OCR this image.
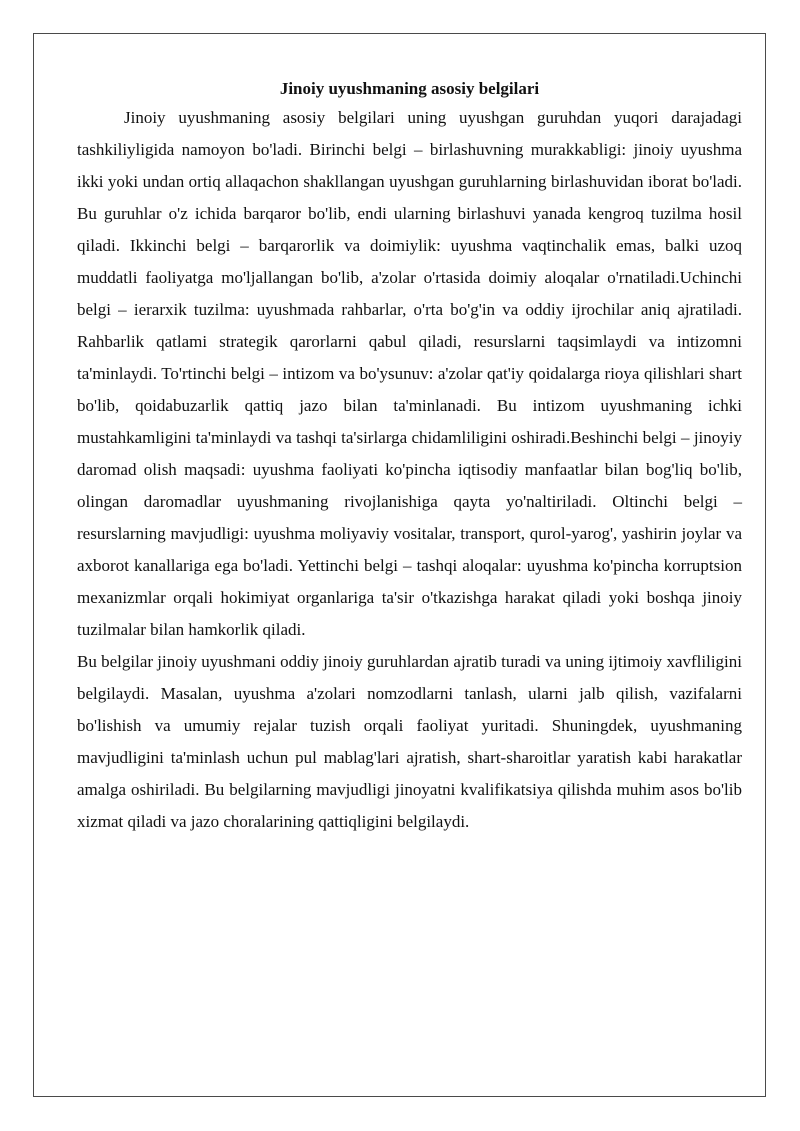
Jinoiy uyushmaning asosiy belgilari

Jinoiy uyushmaning asosiy belgilari uning uyushgan guruhdan yuqori darajadagi tashkiliyligida namoyon bo'ladi. Birinchi belgi – birlashuvning murakkabligi: jinoiy uyushma ikki yoki undan ortiq allaqachon shakllangan uyushgan guruhlarning birlashuvidan iborat bo'ladi. Bu guruhlar o'z ichida barqaror bo'lib, endi ularning birlashuvi yanada kengroq tuzilma hosil qiladi. Ikkinchi belgi – barqarorlik va doimiylik: uyushma vaqtinchalik emas, balki uzoq muddatli faoliyatga mo'ljallangan bo'lib, a'zolar o'rtasida doimiy aloqalar o'rnatiladi.Uchinchi belgi – ierarxik tuzilma: uyushmada rahbarlar, o'rta bo'g'in va oddiy ijrochilar aniq ajratiladi. Rahbarlik qatlami strategik qarorlarni qabul qiladi, resurslarni taqsimlaydi va intizomni ta'minlaydi. To'rtinchi belgi – intizom va bo'ysunuv: a'zolar qat'iy qoidalarga rioya qilishlari shart bo'lib, qoidabuzarlik qattiq jazo bilan ta'minlanadi. Bu intizom uyushmaning ichki mustahkamligini ta'minlaydi va tashqi ta'sirlarga chidamliligini oshiradi.Beshinchi belgi – jinoyiy daromad olish maqsadi: uyushma faoliyati ko'pincha iqtisodiy manfaatlar bilan bog'liq bo'lib, olingan daromadlar uyushmaning rivojlanishiga qayta yo'naltiriladi. Oltinchi belgi – resurslarning mavjudligi: uyushma moliyaviy vositalar, transport, qurol-yarog', yashirin joylar va axborot kanallariga ega bo'ladi. Yettinchi belgi – tashqi aloqalar: uyushma ko'pincha korruptsion mexanizmlar orqali hokimiyat organlariga ta'sir o'tkazishga harakat qiladi yoki boshqa jinoiy tuzilmalar bilan hamkorlik qiladi.

Bu belgilar jinoiy uyushmani oddiy jinoiy guruhlardan ajratib turadi va uning ijtimoiy xavfliligini belgilaydi. Masalan, uyushma a'zolari nomzodlarni tanlash, ularni jalb qilish, vazifalarni bo'lishish va umumiy rejalar tuzish orqali faoliyat yuritadi. Shuningdek, uyushmaning mavjudligini ta'minlash uchun pul mablag'lari ajratish, shart-sharoitlar yaratish kabi harakatlar amalga oshiriladi. Bu belgilarning mavjudligi jinoyatni kvalifikatsiya qilishda muhim asos bo'lib xizmat qiladi va jazo choralarining qattiqligini belgilaydi.
